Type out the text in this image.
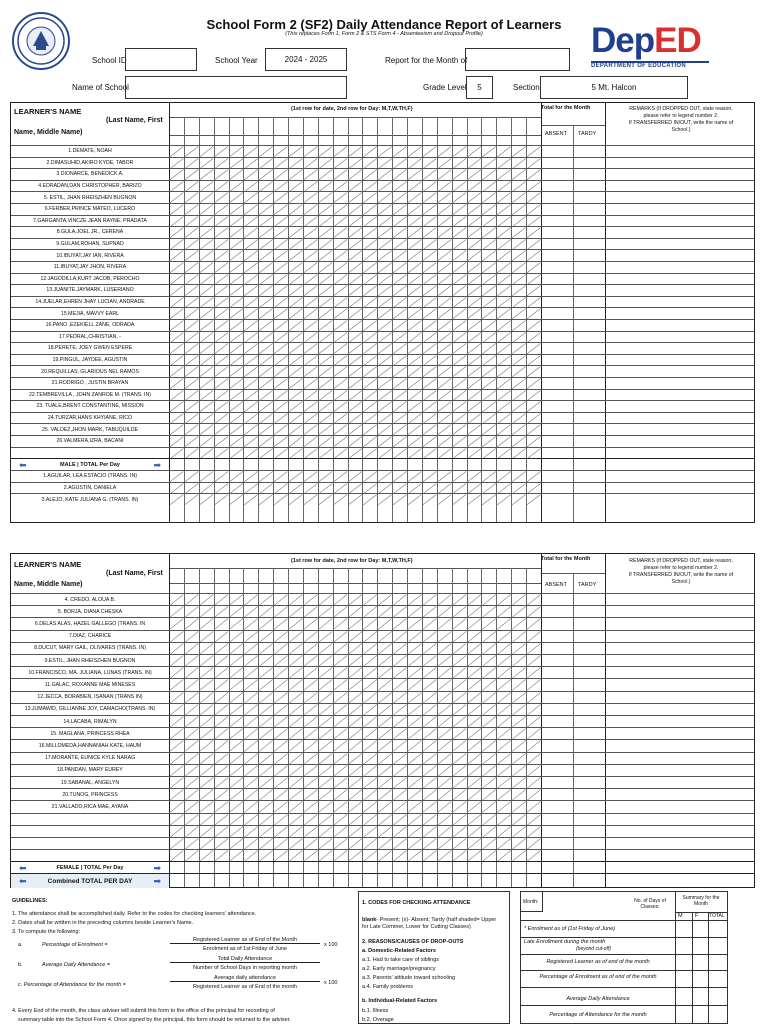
School Form 2 (SF2) Daily Attendance Report of Learners
(This replaces Form 1, Form 2 & STS Form 4 - Absenteeism and Dropout Profile)	DepED
DEPARTMENT OF EDUCATION
School ID	School Year	2024 - 2025	Report for the Month of
Name of School	Grade Level	5	Section	5 Mt. Halcon
LEARNER'S NAME
(Last Name, First
Name, Middle Name)
(1st row for date, 2nd row for Day: M,T,W,TH,F)	Total for the Month
ABSENT TARDY
REMARKS (If DROPPED OUT, state reason,
please refer to legend number 2.
If TRANSFERRED IN/OUT, write the name of
School.)
1.DEMATE, NOAH
2.DIMASUHID,AKIRO KYDE, TABOR
3.DIONARCE, BENEDICK A.
4.EDRADAN,DAN CHRISTOPHER, BARIZO
5. ESTIL, JHAN RHEISZHEN BUGNON
6.FERBER,PRINCE MATEO, LUCERO
7.GARGANTA,VINCZE JEAN RAYNE, PRADATA
8.GULA,JOEL JR., CERENA
9.GULAM,ROHAN, SUPNAD
10.IBUYAT,JAY IAN, RIVERA
11.IBUYAT,JAY JHON, RIVERA
12.JAGODILLA,KURT JACOB, PEROCHO
13.JUANITE,JAYMARK, LUSERIANO
14.JUELAR,EHREN JHAY LUCIAN, ANDRADE
15.MEJIA, MAVVY EARL
16.PANO ,EZEKIELL ZANE, ODRADA
17.PEDRAL,CHRISTIAN, -
18.PERETE, JOEY GWEN ESPERE
19.PINGUL, JAYDEE, AGUSTIN
20.REQUILLAS, GLARIOUS NEL RAMOS
21.RODRIGO , JUSTIN BRAYAN
22.TEMBREVILLA , JOHN ZANROE M. (TRANS. IN)
23. TUALE,BRENT CONSTANTINE, MISSION
24.TURZAR,HANS KHYIANE, RICO
25. VALDEZ,JHON MARK, TABUQUILDE
26.VALMERA,IZRA, BACANI
⬅	MALE | TOTAL Per Day	➡
1.AGUILAR, LEA ESTACIO (TRANS. IN)
2.AGUSTIN, DANIELA
3.ALEJO, KATE JULIANA G. (TRANS. IN)
LEARNER'S NAME
(Last Name, First
Name, Middle Name)
(1st row for date, 2nd row for Day: M,T,W,TH,F)	Total for the Month
ABSENT TARDY
REMARKS (If DROPPED OUT, state reason,
please refer to legend number 2.
If TRANSFERRED IN/OUT, write the name of
School.)
4. CREDO, ALOUA B.
5. BORJA, DIANA CHESKA
6.DELAS ALAS, HAZEL GALLEGO (TRANS. IN
7.DIAZ, CHARICE
8.DUCUT, MARY GAIL, OLIVARES (TRANS. IN)
9.ESTIL, JHAN RHEISZHEN BUGNON
10.FRANCISCO, MA. JULIANA, LUNAS (TRANS. IN)
11.GALAC, ROXANNE MAE MINESES
12.JECCA, BORABIEN, ISANAN (TRANS IN)
13.JUMAWID, GILLIANNE JOY, CAMACHO(TRANS. IN)
14.LACABA, RIMALYN
15. MAGLANA, PRINCESS RHEA
16.MILLOMEDA,HANNANIAH KATE, HAUM
17.MORANTE, EUNICE KYLE NARAG
18.PANDAN, MARY EUREY
19.SABANAL, ANGELYN
20.TUNOG, PRINCESS
21.VALLADO,RICA MAE, AYANA
⬅	FEMALE | TOTAL Per Day	➡
⬅	Combined TOTAL PER DAY ➡
GUIDELINES:
1. The attendance shall be accomplished daily. Refer to the codes for checking learners' attendance.
2. Dates shall be written in the preceding columns beside Learner's Name.
3. To compute the following:
a.	Percentage of Enrolment =
Registered Learner as of End of the Month
Enrolment as of 1st Friday of June
x 100
b.	Average Daily Attendance =
Total Daily Attendance
Number of School Days in reporting month
c. Percentage of Attendance for the month =
Average daily attendance
Registered Learner as of End of the month
x 100
4. Every End of the month, the class adviser will submit this form to the office of the principal for recording of
summary table into the School Form 4. Once signed by the principal, this form should be returned to the adviser.
1. CODES FOR CHECKING ATTENDANCE
blank- Present; (x)- Absent; Tardy (half shaded= Upper
for Late Commer, Lower for Cutting Classes)
2. REASONS/CAUSES OF DROP-OUTS
a. Domestic-Related Factors
a.1. Had to take care of siblings
a.2. Early marriage/pregnancy
a.3. Parents' attitude toward schooling
a.4. Family problems
b. Individual-Related Factors
b.1. Illness
b.2. Overage
Month:	No. of Days of Classes:
Summary for the Month
M F TOTAL
* Enrolment as of (1st Friday of June)
Late Enrollment during the month
(beyond cut-off)
Registered Learner as of end of the month
Percentage of Enrolment as of end of the month
Average Daily Attendance
Percentage of Attendance for the month
